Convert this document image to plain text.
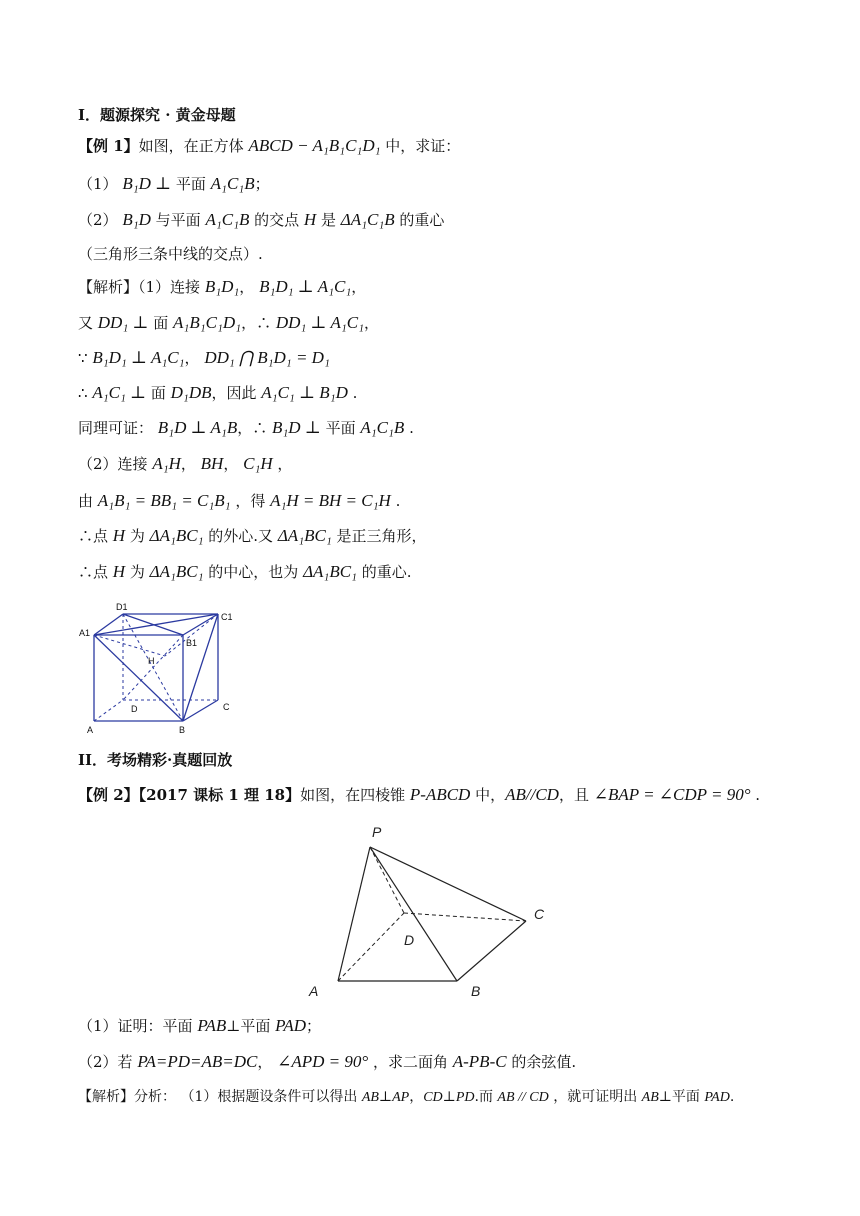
I．题源探究 · 黄金母题
【例 1】如图，在正方体 ABCD − A₁B₁C₁D₁ 中，求证：
（1） B₁D ⊥ 平面 A₁C₁B；
（2） B₁D 与平面 A₁C₁B 的交点 H 是 ΔA₁C₁B 的重心
（三角形三条中线的交点）.
【解析】（1）连接 B₁D₁， B₁D₁ ⊥ A₁C₁，
又 DD₁ ⊥ 面 A₁B₁C₁D₁，∴ DD₁ ⊥ A₁C₁，
∵ B₁D₁ ⊥ A₁C₁， DD₁ ⋂ B₁D₁ = D₁
∴ A₁C₁ ⊥ 面 D₁DB，因此 A₁C₁ ⊥ B₁D .
同理可证： B₁D ⊥ A₁B，∴ B₁D ⊥ 平面 A₁C₁B .
（2）连接 A₁H， BH， C₁H ，
由 A₁B₁ = BB₁ = C₁B₁ ，得 A₁H = BH = C₁H .
∴点 H 为 ΔA₁BC₁ 的外心.又 ΔA₁BC₁ 是正三角形，
∴点 H 为 ΔA₁BC₁ 的中心，也为 ΔA₁BC₁ 的重心.
D1
C1
A1
B1
H
D	C
A	B
II．考场精彩·真题回放
【例 2】【2017 课标 1 理 18】如图，在四棱锥 P-ABCD 中，AB//CD，且 ∠BAP = ∠CDP = 90° .
P
C
D
A	B
（1）证明：平面 PAB⊥平面 PAD；
（2）若 PA=PD=AB=DC， ∠APD = 90° ，求二面角 A-PB-C 的余弦值.
【解析】分析： （1）根据题设条件可以得出 AB⊥AP，CD⊥PD.而 AB // CD ，就可证明出 AB⊥平面 PAD.
